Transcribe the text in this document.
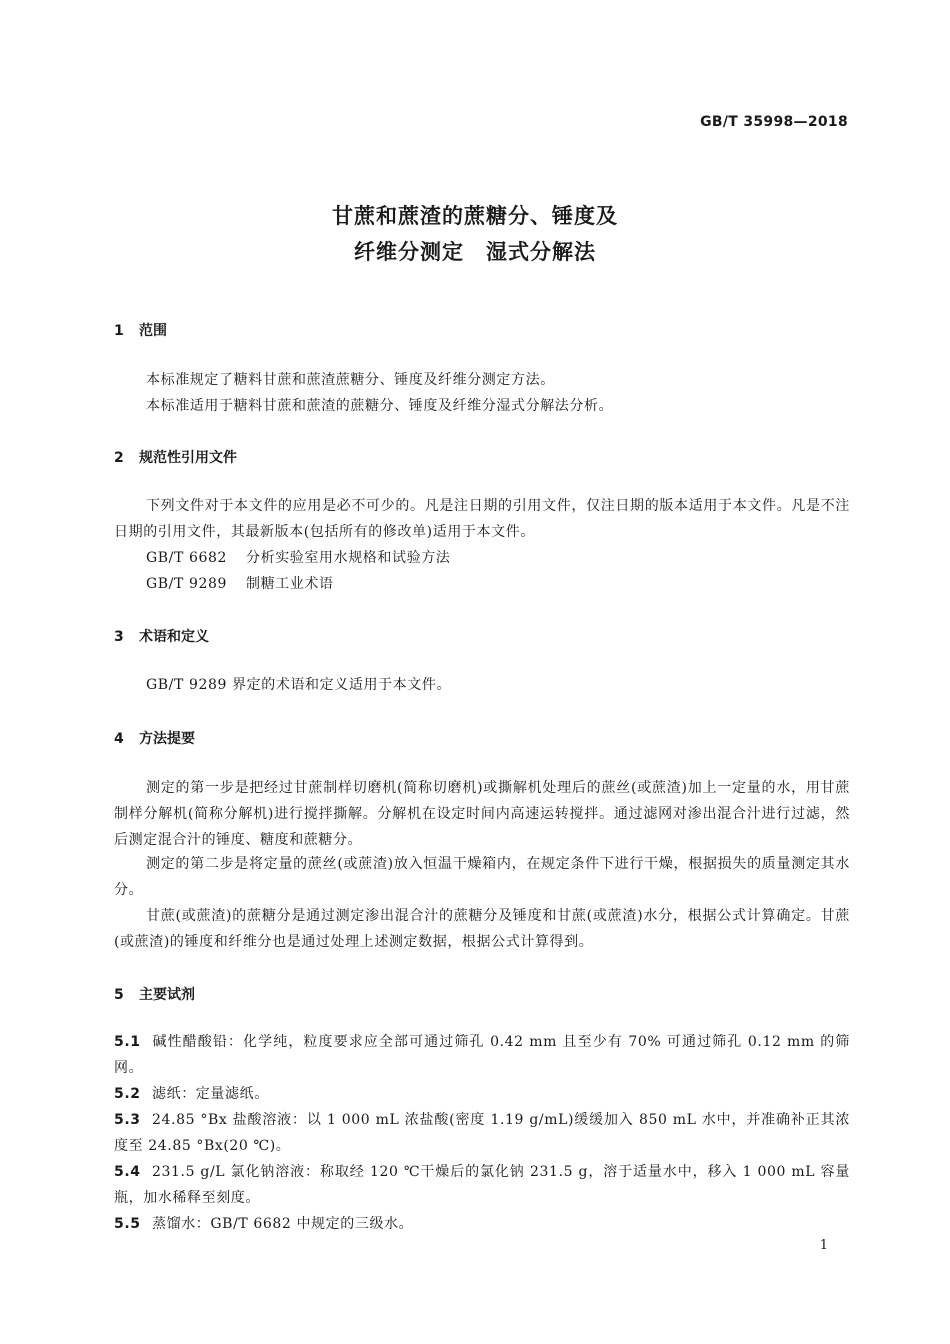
GB/T 35998—2018
甘蔗和蔗渣的蔗糖分、锤度及
纤维分测定　湿式分解法
1 范围
本标准规定了糖料甘蔗和蔗渣蔗糖分、锤度及纤维分测定方法。
本标准适用于糖料甘蔗和蔗渣的蔗糖分、锤度及纤维分湿式分解法分析。
2 规范性引用文件
下列文件对于本文件的应用是必不可少的。凡是注日期的引用文件，仅注日期的版本适用于本文件。凡是不注日期的引用文件，其最新版本(包括所有的修改单)适用于本文件。
GB/T 6682 分析实验室用水规格和试验方法
GB/T 9289 制糖工业术语
3 术语和定义
GB/T 9289 界定的术语和定义适用于本文件。
4 方法提要
测定的第一步是把经过甘蔗制样切磨机(简称切磨机)或撕解机处理后的蔗丝(或蔗渣)加上一定量的水，用甘蔗制样分解机(简称分解机)进行搅拌撕解。分解机在设定时间内高速运转搅拌。通过滤网对渗出混合汁进行过滤，然后测定混合汁的锤度、糖度和蔗糖分。
测定的第二步是将定量的蔗丝(或蔗渣)放入恒温干燥箱内，在规定条件下进行干燥，根据损失的质量测定其水分。
甘蔗(或蔗渣)的蔗糖分是通过测定渗出混合汁的蔗糖分及锤度和甘蔗(或蔗渣)水分，根据公式计算确定。甘蔗(或蔗渣)的锤度和纤维分也是通过处理上述测定数据，根据公式计算得到。
5 主要试剂
5.1 碱性醋酸铅：化学纯，粒度要求应全部可通过筛孔 0.42 mm 且至少有 70% 可通过筛孔 0.12 mm 的筛网。
5.2 滤纸：定量滤纸。
5.3 24.85 °Bx 盐酸溶液：以 1 000 mL 浓盐酸(密度 1.19 g/mL)缓缓加入 850 mL 水中，并准确补正其浓度至 24.85 °Bx(20 ℃)。
5.4 231.5 g/L 氯化钠溶液：称取经 120 ℃干燥后的氯化钠 231.5 g，溶于适量水中，移入 1 000 mL 容量瓶，加水稀释至刻度。
5.5 蒸馏水：GB/T 6682 中规定的三级水。
1
